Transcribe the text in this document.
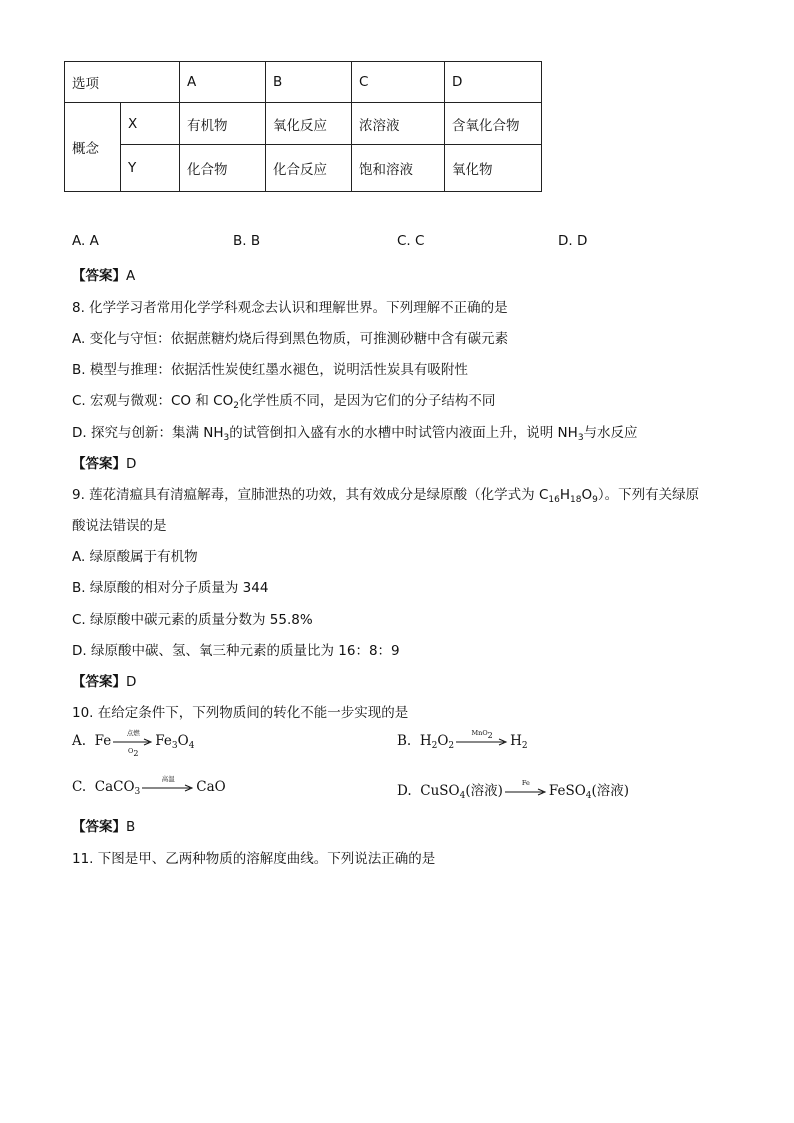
选项		A	B	C	D
概念	X	有机物	氧化反应	浓溶液	含氧化合物
	Y	化合物	化合反应	饱和溶液	氧化物
A. A	B. B	C. C	D. D
【答案】A
8. 化学学习者常用化学学科观念去认识和理解世界。下列理解不正确的是
A. 变化与守恒：依据蔗糖灼烧后得到黑色物质，可推测砂糖中含有碳元素
B. 模型与推理：依据活性炭使红墨水褪色，说明活性炭具有吸附性
C. 宏观与微观：CO 和 $CO_2$化学性质不同，是因为它们的分子结构不同
D. 探究与创新：集满 $NH_3$的试管倒扣入盛有水的水槽中时试管内液面上升，说明 $NH_3$与水反应
【答案】D
9. 莲花清瘟具有清瘟解毒，宣肺泄热的功效，其有效成分是绿原酸（化学式为 $C_{16}H_{18}O_9$）。下列有关绿原
酸说法错误的是
A. 绿原酸属于有机物
B. 绿原酸的相对分子质量为 344
C. 绿原酸中碳元素的质量分数为 55.8%
D. 绿原酸中碳、氢、氧三种元素的质量比为 16：8：9
【答案】D
10. 在给定条件下，下列物质间的转化不能一步实现的是
A. Fe
点燃
O2
$Fe_3O_4$	B. $H_2O_2$
MnO2	$H_2$
C. CaCO$_3$
高温
CaO	D. CuSO$_4$(溶液)
Fe
FeSO$_4$(溶液)
【答案】B
11. 下图是甲、乙两种物质的溶解度曲线。下列说法正确的是
